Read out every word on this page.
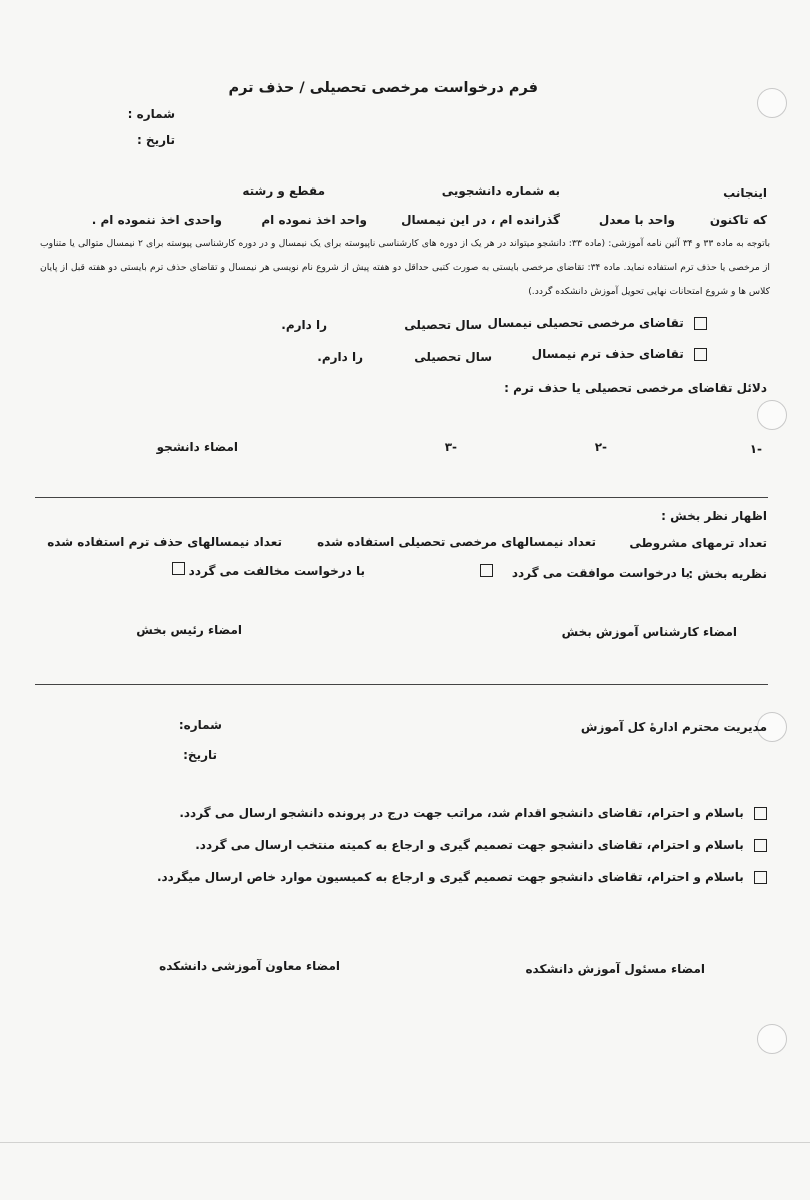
فرم درخواست مرخصی تحصیلی / حذف ترم
شماره :
تاریخ :
اینجانب
به شماره دانشجویی
مقطع و رشته
که تاکنون
واحد با معدل
گذرانده ام ، در این نیمسال
واحد اخذ نموده ام
واحدی اخذ ننموده ام .
باتوجه به ماده ۳۳ و ۳۴ آئین نامه آموزشی: (ماده ۳۳: دانشجو میتواند در هر یک از دوره های کارشناسی ناپیوسته برای یک نیمسال و در دوره کارشناسی پیوسته برای ۲ نیمسال متوالی یا متناوب از مرخصی یا حذف ترم استفاده نماید. ماده ۳۴: تقاضای مرخصی بایستی به صورت کتبی حداقل دو هفته پیش از شروع نام نویسی هر نیمسال و تقاضای حذف ترم بایستی دو هفته قبل از پایان کلاس ها و شروع امتحانات نهایی تحویل آموزش دانشکده گردد.)
تقاضای مرخصی تحصیلی نیمسال
سال تحصیلی
را دارم.
تقاضای حذف ترم نیمسال
سال تحصیلی
را دارم.
دلائل تقاضای مرخصی تحصیلی یا حذف ترم :
-۱
-۲
-۳
امضاء دانشجو
اظهار نظر بخش :
تعداد ترمهای مشروطی
تعداد نیمسالهای مرخصی تحصیلی استفاده شده
تعداد نیمسالهای حذف ترم استفاده شده
نظریه بخش :
با درخواست موافقت می گردد
با درخواست مخالفت می گردد
امضاء کارشناس آموزش بخش
امضاء رئیس بخش
مدیریت محترم ادارهٔ کل آموزش
شماره:
تاریخ:
باسلام و احترام، تقاضای دانشجو اقدام شد، مراتب جهت درج در پرونده دانشجو ارسال می گردد.
باسلام و احترام، تقاضای دانشجو جهت تصمیم گیری و ارجاع به کمیته منتخب ارسال می گردد.
باسلام و احترام، تقاضای دانشجو جهت تصمیم گیری و ارجاع به کمیسیون موارد خاص ارسال میگردد.
امضاء مسئول آموزش دانشکده
امضاء معاون آموزشی دانشکده
